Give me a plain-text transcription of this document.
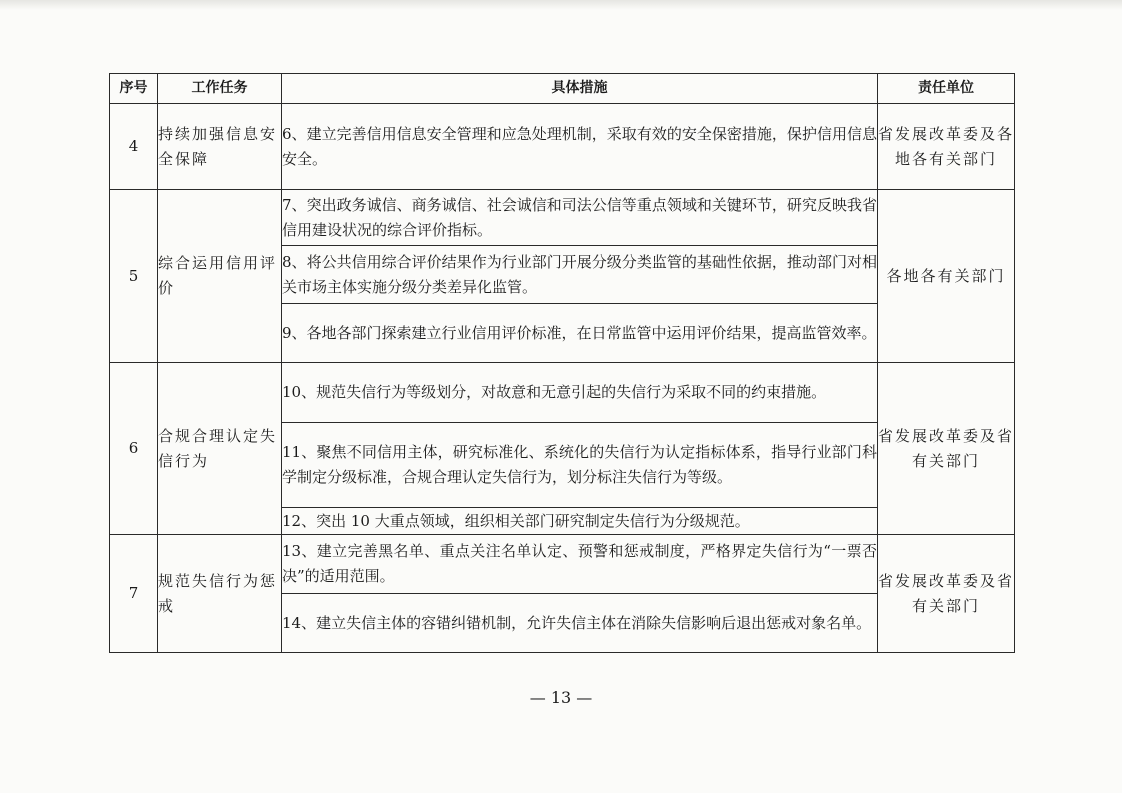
序号	工作任务	具体措施	责任单位
4	持续加强信息安全保障	6、建立完善信用信息安全管理和应急处理机制，采取有效的安全保密措施，保护信用信息安全。	省发展改革委及各地各有关部门
5	综合运用信用评价	7、突出政务诚信、商务诚信、社会诚信和司法公信等重点领域和关键环节，研究反映我省信用建设状况的综合评价指标。	各地各有关部门
		8、将公共信用综合评价结果作为行业部门开展分级分类监管的基础性依据，推动部门对相关市场主体实施分级分类差异化监管。	
		9、各地各部门探索建立行业信用评价标准，在日常监管中运用评价结果，提高监管效率。	
6	合规合理认定失信行为	10、规范失信行为等级划分，对故意和无意引起的失信行为采取不同的约束措施。	省发展改革委及省有关部门
		11、聚焦不同信用主体，研究标准化、系统化的失信行为认定指标体系，指导行业部门科学制定分级标准，合规合理认定失信行为，划分标注失信行为等级。	
		12、突出 10 大重点领域，组织相关部门研究制定失信行为分级规范。	
7	规范失信行为惩戒	13、建立完善黑名单、重点关注名单认定、预警和惩戒制度，严格界定失信行为“一票否决”的适用范围。	省发展改革委及省有关部门
		14、建立失信主体的容错纠错机制，允许失信主体在消除失信影响后退出惩戒对象名单。	
— 13 —
